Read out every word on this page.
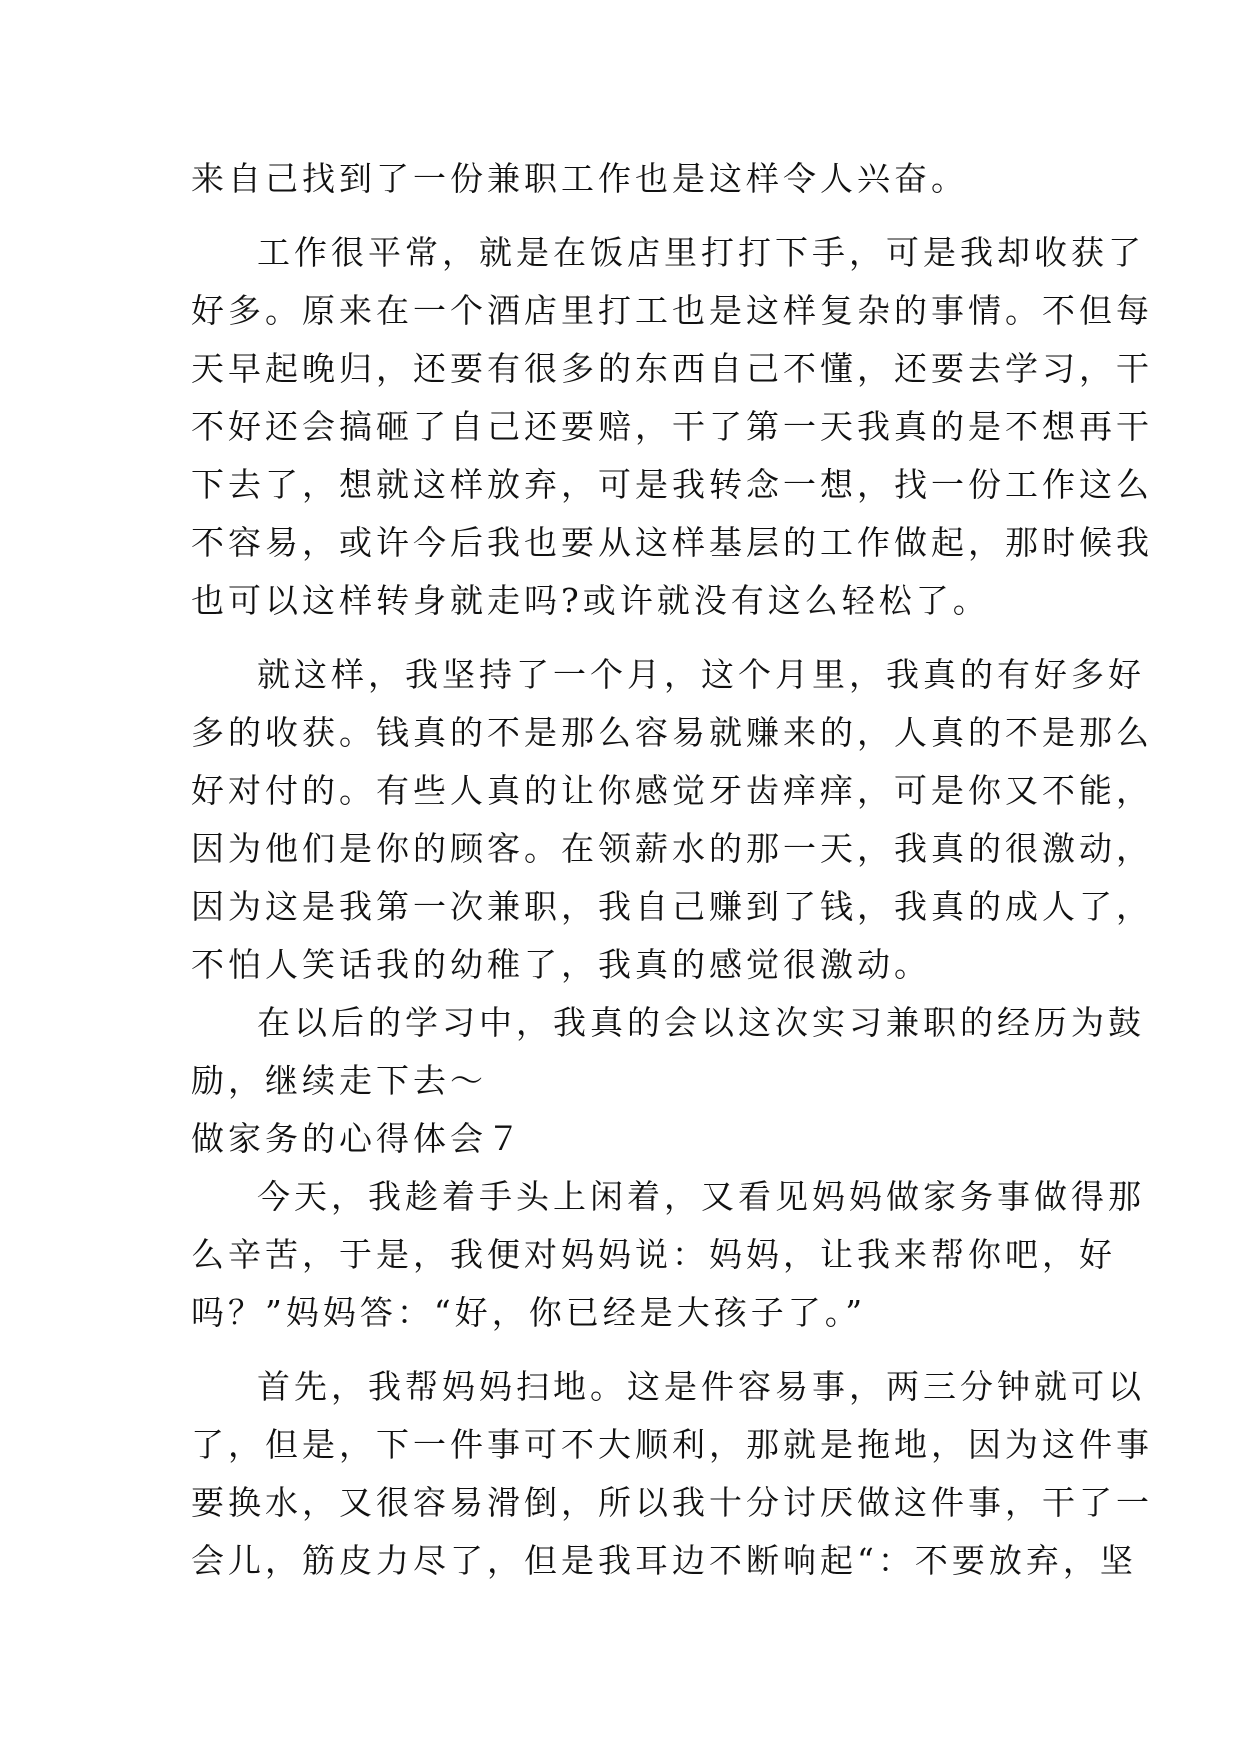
来自己找到了一份兼职工作也是这样令人兴奋。
工作很平常，就是在饭店里打打下手，可是我却收获了
好多。原来在一个酒店里打工也是这样复杂的事情。不但每
天早起晚归，还要有很多的东西自己不懂，还要去学习，干
不好还会搞砸了自己还要赔，干了第一天我真的是不想再干
下去了，想就这样放弃，可是我转念一想，找一份工作这么
不容易，或许今后我也要从这样基层的工作做起，那时候我
也可以这样转身就走吗?或许就没有这么轻松了。
就这样，我坚持了一个月，这个月里，我真的有好多好
多的收获。钱真的不是那么容易就赚来的，人真的不是那么
好对付的。有些人真的让你感觉牙齿痒痒，可是你又不能，
因为他们是你的顾客。在领薪水的那一天，我真的很激动，
因为这是我第一次兼职，我自己赚到了钱，我真的成人了，
不怕人笑话我的幼稚了，我真的感觉很激动。
在以后的学习中，我真的会以这次实习兼职的经历为鼓
励，继续走下去～
做家务的心得体会７
今天，我趁着手头上闲着，又看见妈妈做家务事做得那
么辛苦，于是，我便对妈妈说：妈妈，让我来帮你吧，好
吗？”妈妈答：“好，你已经是大孩子了。”
首先，我帮妈妈扫地。这是件容易事，两三分钟就可以
了，但是，下一件事可不大顺利，那就是拖地，因为这件事
要换水，又很容易滑倒，所以我十分讨厌做这件事，干了一
会儿，筋皮力尽了，但是我耳边不断响起“：不要放弃，坚
